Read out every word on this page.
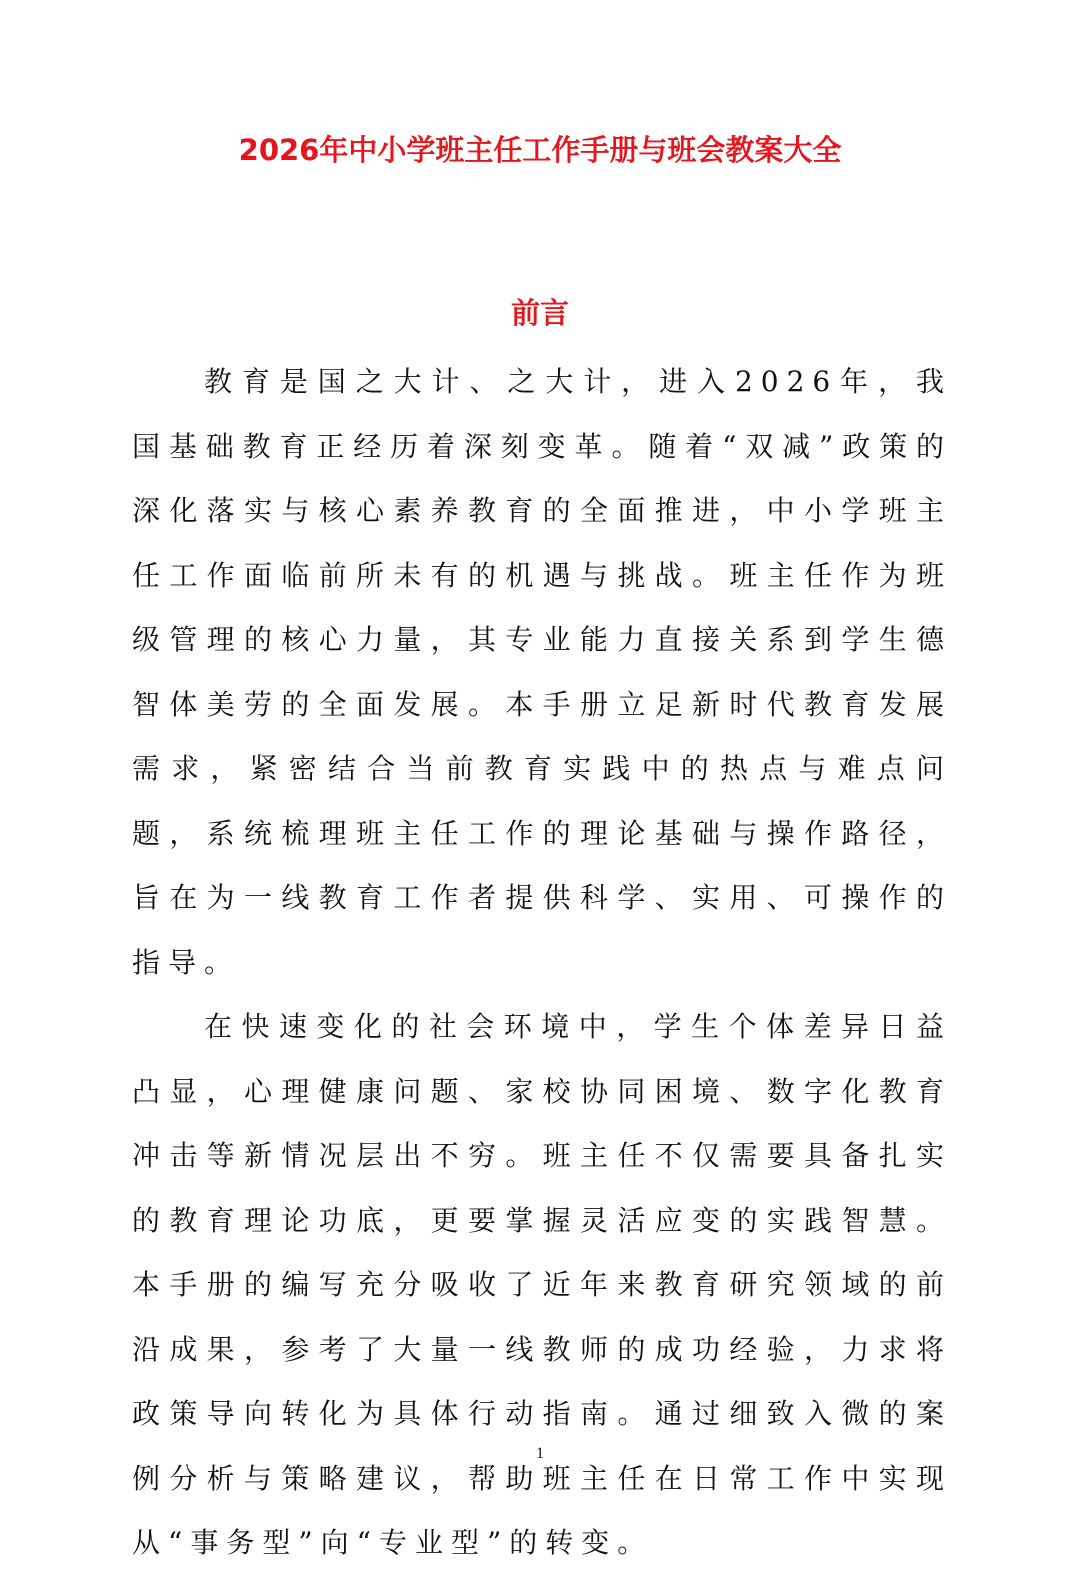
2026年中小学班主任工作手册与班会教案大全
前言

教育是国之大计、之大计，进入2026年，我国基础教育正经历着深刻变革。随着“双减”政策的深化落实与核心素养教育的全面推进，中小学班主任工作面临前所未有的机遇与挑战。班主任作为班级管理的核心力量，其专业能力直接关系到学生德智体美劳的全面发展。本手册立足新时代教育发展需求，紧密结合当前教育实践中的热点与难点问题，系统梳理班主任工作的理论基础与操作路径，旨在为一线教育工作者提供科学、实用、可操作的指导。

在快速变化的社会环境中，学生个体差异日益凸显，心理健康问题、家校协同困境、数字化教育冲击等新情况层出不穷。班主任不仅需要具备扎实的教育理论功底，更要掌握灵活应变的实践智慧。本手册的编写充分吸收了近年来教育研究领域的前沿成果，参考了大量一线教师的成功经验，力求将政策导向转化为具体行动指南。通过细致入微的案例分析与策略建议，帮助班主任在日常工作中实现从“事务型”向“专业型”的转变。

1
